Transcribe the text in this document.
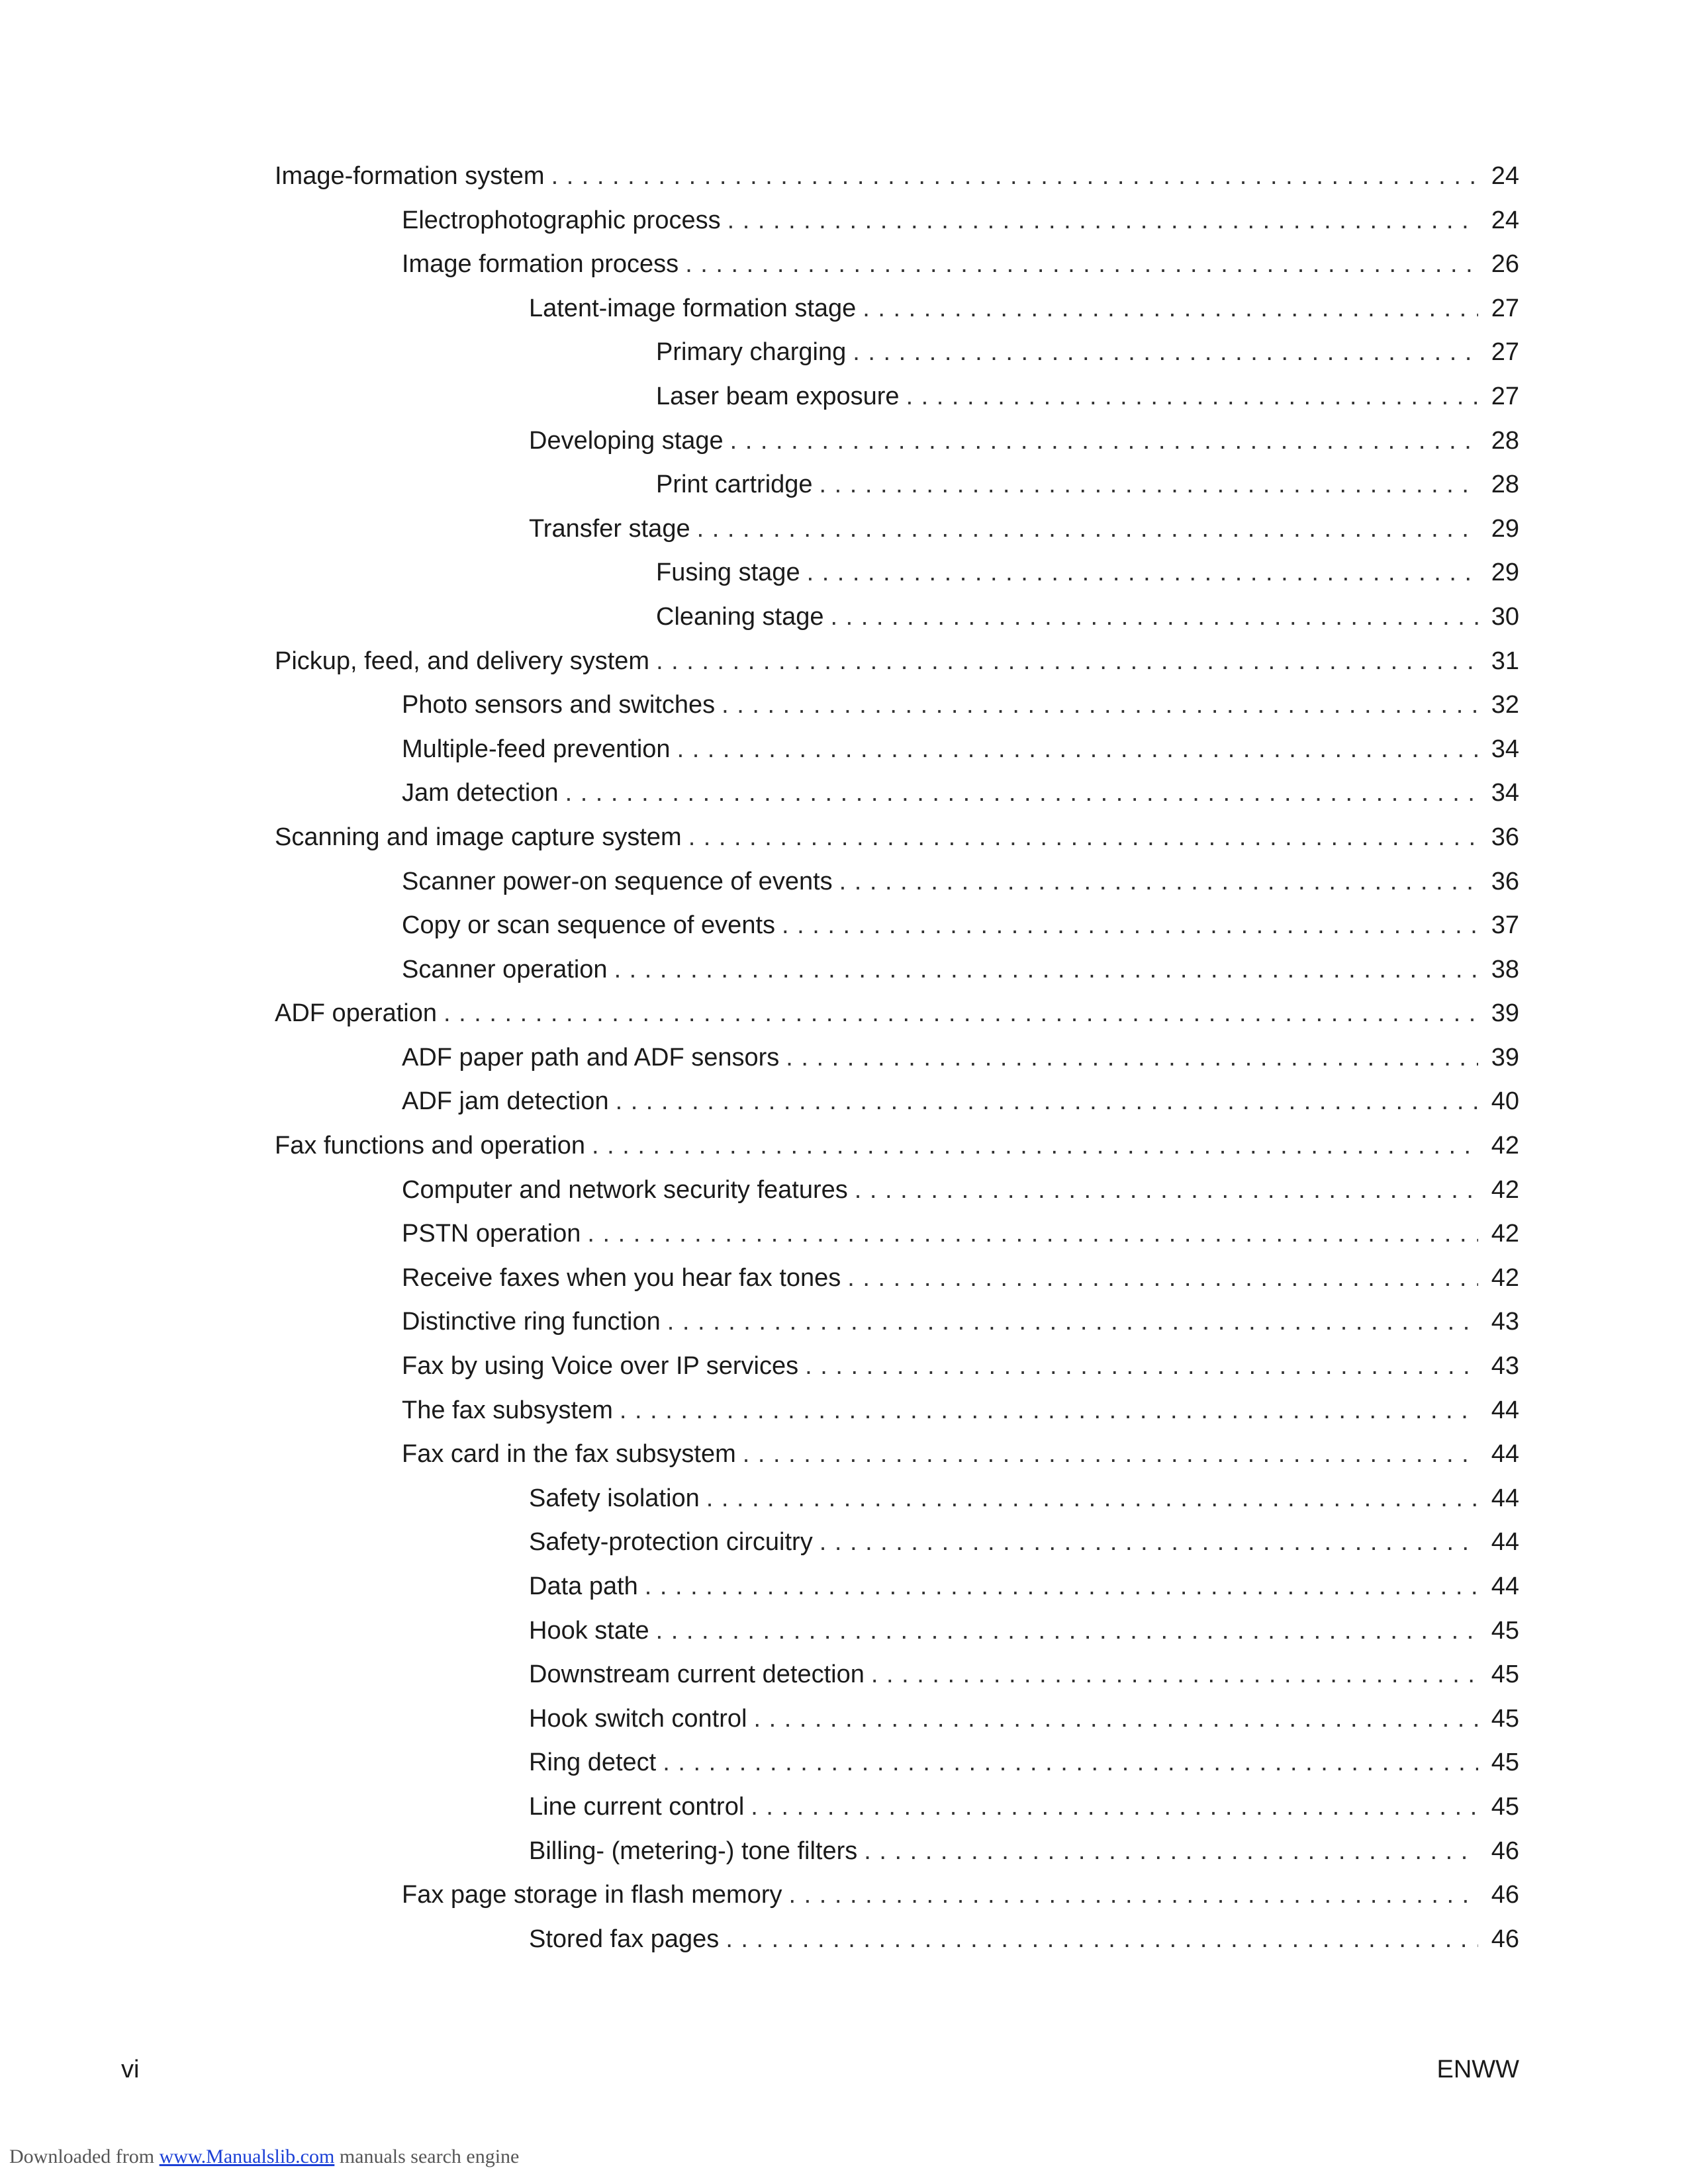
Image-formation system . . .	24
Electrophotographic process . . .	24
Image formation process . . .	26
Latent-image formation stage . . .	27
Primary charging . . .	27
Laser beam exposure . . .	27
Developing stage . . .	28
Print cartridge . . .	28
Transfer stage . . .	29
Fusing stage . . .	29
Cleaning stage . . .	30
Pickup, feed, and delivery system . . .	31
Photo sensors and switches . . .	32
Multiple-feed prevention . . .	34
Jam detection . . .	34
Scanning and image capture system . . .	36
Scanner power-on sequence of events . . .	36
Copy or scan sequence of events . . .	37
Scanner operation . . .	38
ADF operation . . .	39
ADF paper path and ADF sensors . . .	39
ADF jam detection . . .	40
Fax functions and operation . . .	42
Computer and network security features . . .	42
PSTN operation . . .	42
Receive faxes when you hear fax tones . . .	42
Distinctive ring function . . .	43
Fax by using Voice over IP services . . .	43
The fax subsystem . . .	44
Fax card in the fax subsystem . . .	44
Safety isolation . . .	44
Safety-protection circuitry . . .	44
Data path . . .	44
Hook state . . .	45
Downstream current detection . . .	45
Hook switch control . . .	45
Ring detect . . .	45
Line current control . . .	45
Billing- (metering-) tone filters . . .	46
Fax page storage in flash memory . . .	46
Stored fax pages . . .	46
vi	ENWW
Downloaded from www.Manualslib.com manuals search engine
